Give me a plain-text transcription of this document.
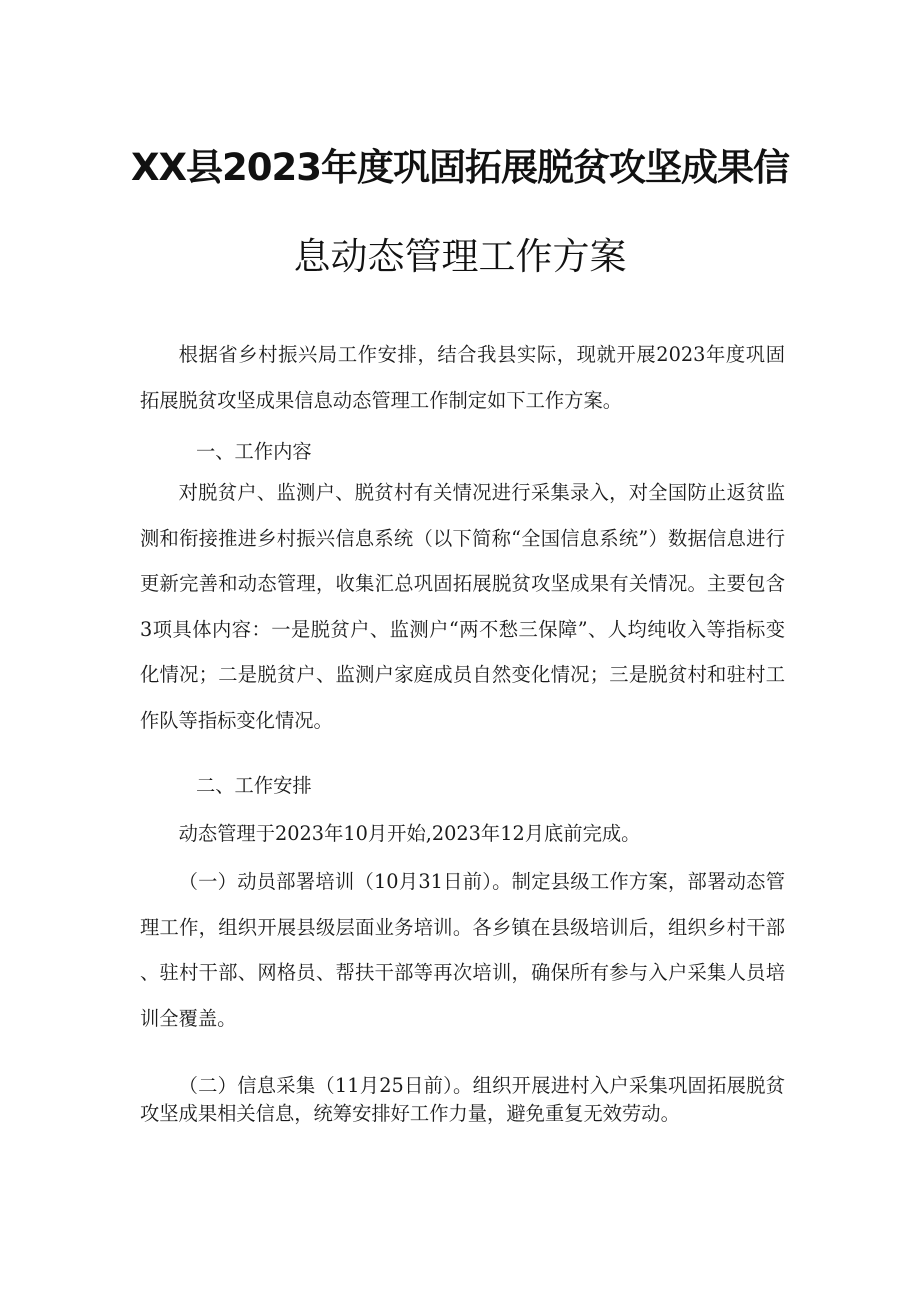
XX县2023年度巩固拓展脱贫攻坚成果信
息动态管理工作方案

根据省乡村振兴局工作安排，结合我县实际，现就开展2023年度巩固拓展脱贫攻坚成果信息动态管理工作制定如下工作方案。

一、工作内容

对脱贫户、监测户、脱贫村有关情况进行采集录入，对全国防止返贫监测和衔接推进乡村振兴信息系统（以下简称“全国信息系统”）数据信息进行更新完善和动态管理，收集汇总巩固拓展脱贫攻坚成果有关情况。主要包含3项具体内容：一是脱贫户、监测户“两不愁三保障”、人均纯收入等指标变化情况；二是脱贫户、监测户家庭成员自然变化情况；三是脱贫村和驻村工作队等指标变化情况。

二、工作安排

动态管理于2023年10月开始,2023年12月底前完成。

（一）动员部署培训（10月31日前）。制定县级工作方案，部署动态管理工作，组织开展县级层面业务培训。各乡镇在县级培训后，组织乡村干部、驻村干部、网格员、帮扶干部等再次培训，确保所有参与入户采集人员培训全覆盖。

（二）信息采集（11月25日前）。组织开展进村入户采集巩固拓展脱贫攻坚成果相关信息，统筹安排好工作力量，避免重复无效劳动。
